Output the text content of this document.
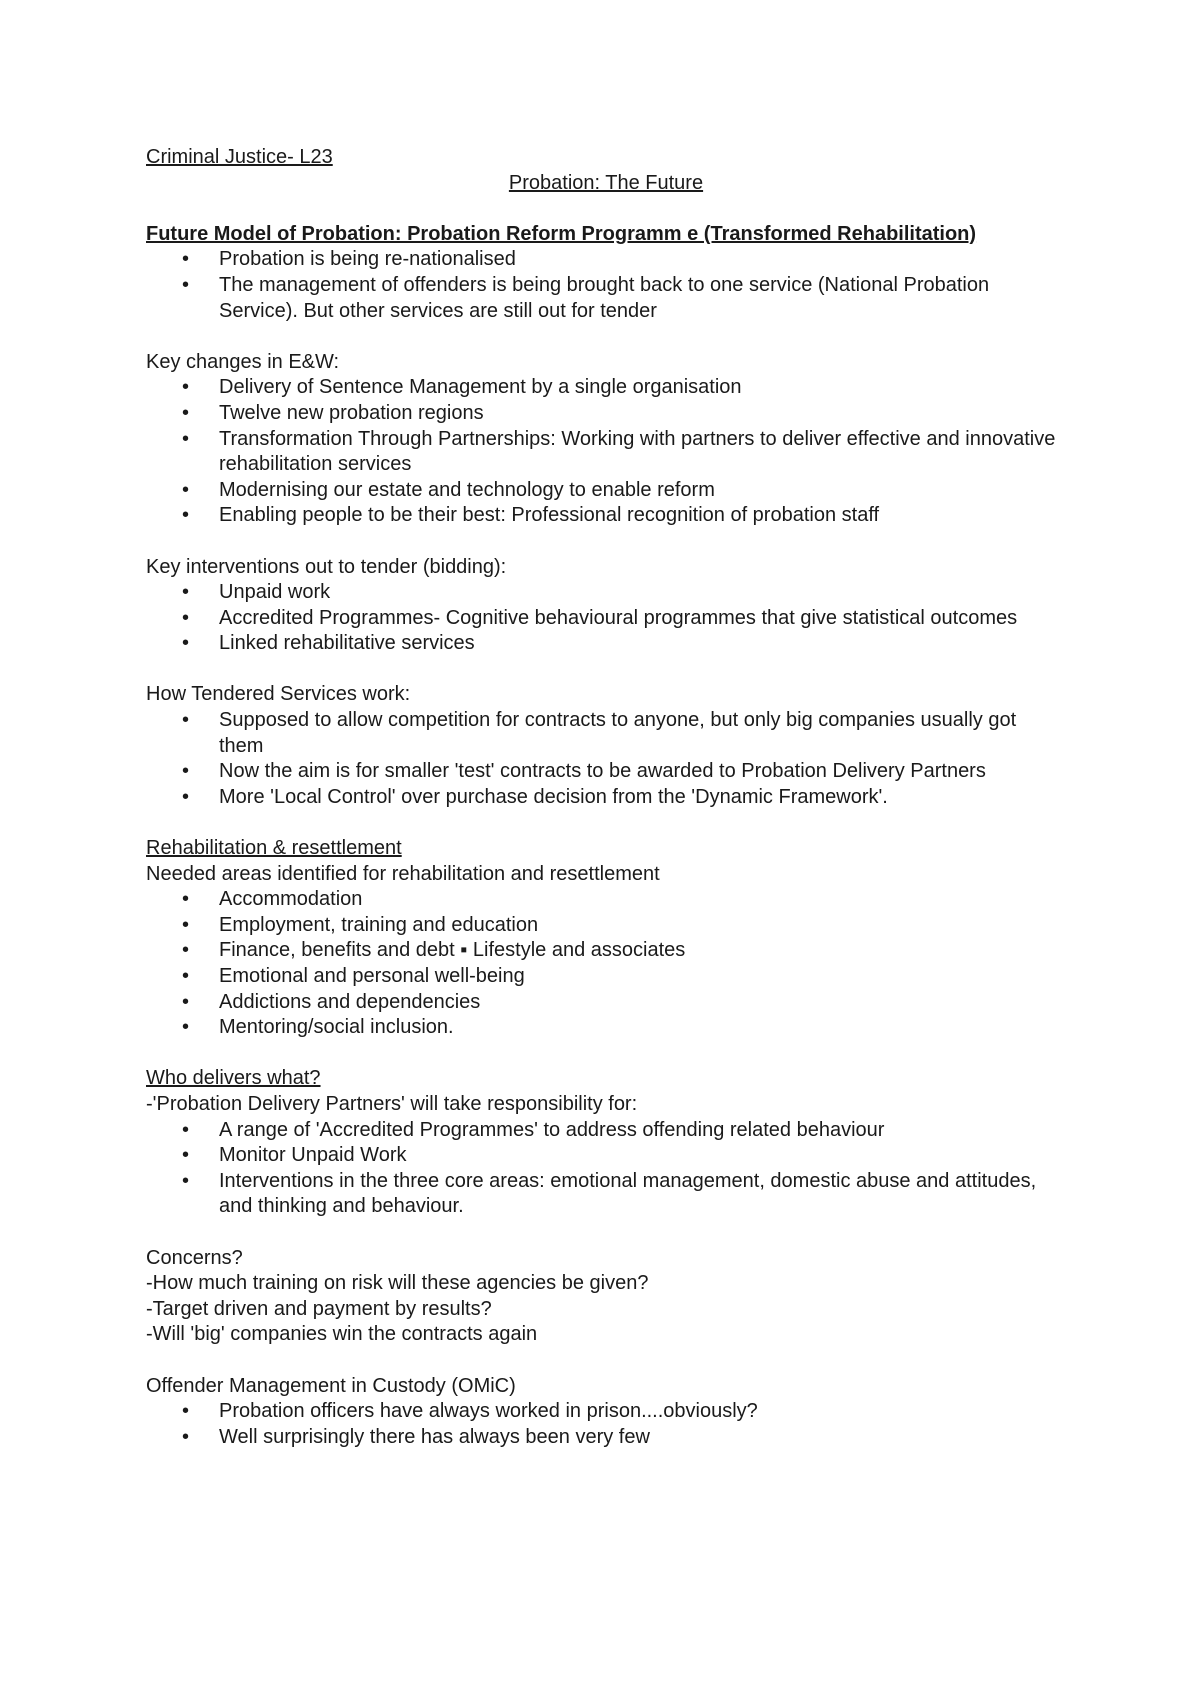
Criminal Justice- L23

Probation: The Future

Future Model of Probation: Probation Reform Programm e (Transformed Rehabilitation)

• Probation is being re-nationalised
• The management of offenders is being brought back to one service (National Probation Service). But other services are still out for tender

Key changes in E&W:

• Delivery of Sentence Management by a single organisation
• Twelve new probation regions
• Transformation Through Partnerships: Working with partners to deliver effective and innovative rehabilitation services
• Modernising our estate and technology to enable reform
• Enabling people to be their best: Professional recognition of probation staff

Key interventions out to tender (bidding):

• Unpaid work
• Accredited Programmes- Cognitive behavioural programmes that give statistical outcomes
• Linked rehabilitative services

How Tendered Services work:

• Supposed to allow competition for contracts to anyone, but only big companies usually got them
• Now the aim is for smaller 'test' contracts to be awarded to Probation Delivery Partners
• More 'Local Control' over purchase decision from the 'Dynamic Framework'.

Rehabilitation & resettlement

Needed areas identified for rehabilitation and resettlement

• Accommodation
• Employment, training and education
• Finance, benefits and debt ▪ Lifestyle and associates
• Emotional and personal well-being
• Addictions and dependencies
• Mentoring/social inclusion.

Who delivers what?

-'Probation Delivery Partners' will take responsibility for:

• A range of 'Accredited Programmes' to address offending related behaviour
• Monitor Unpaid Work
• Interventions in the three core areas: emotional management, domestic abuse and attitudes, and thinking and behaviour.

Concerns?

-How much training on risk will these agencies be given?

-Target driven and payment by results?

-Will 'big' companies win the contracts again

Offender Management in Custody (OMiC)

• Probation officers have always worked in prison....obviously?
• Well surprisingly there has always been very few
